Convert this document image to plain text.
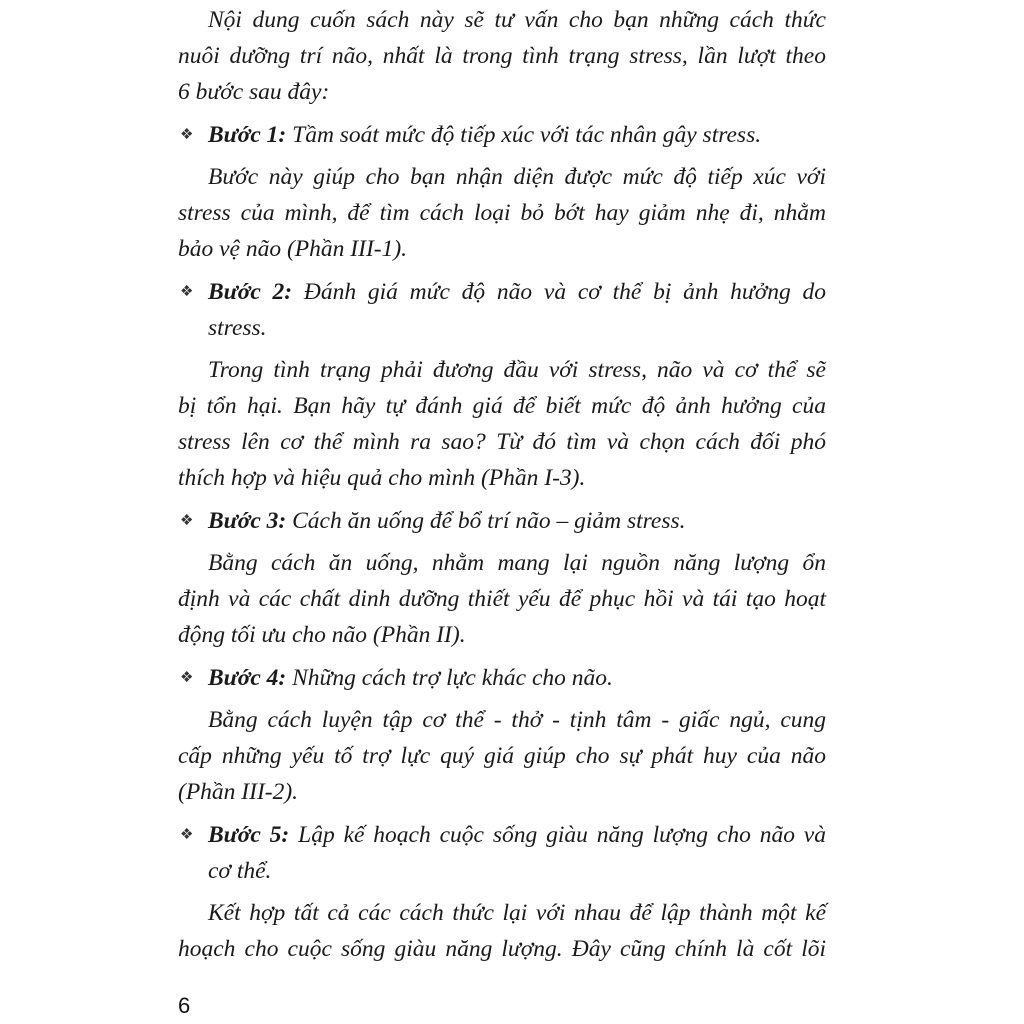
Nội dung cuốn sách này sẽ tư vấn cho bạn những cách thức
nuôi dưỡng trí não, nhất là trong tình trạng stress, lần lượt theo
6 bước sau đây:
❖ Bước 1: Tầm soát mức độ tiếp xúc với tác nhân gây stress.
Bước này giúp cho bạn nhận diện được mức độ tiếp xúc với
stress của mình, để tìm cách loại bỏ bớt hay giảm nhẹ đi, nhằm
bảo vệ não (Phần III-1).
❖ Bước 2: Đánh giá mức độ não và cơ thể bị ảnh hưởng do
stress.
Trong tình trạng phải đương đầu với stress, não và cơ thể sẽ
bị tổn hại. Bạn hãy tự đánh giá để biết mức độ ảnh hưởng của
stress lên cơ thể mình ra sao? Từ đó tìm và chọn cách đối phó
thích hợp và hiệu quả cho mình (Phần I-3).
❖ Bước 3: Cách ăn uống để bổ trí não – giảm stress.
Bằng cách ăn uống, nhằm mang lại nguồn năng lượng ổn
định và các chất dinh dưỡng thiết yếu để phục hồi và tái tạo hoạt
động tối ưu cho não (Phần II).
❖ Bước 4: Những cách trợ lực khác cho não.
Bằng cách luyện tập cơ thể - thở - tịnh tâm - giấc ngủ, cung
cấp những yếu tố trợ lực quý giá giúp cho sự phát huy của não
(Phần III-2).
❖ Bước 5: Lập kế hoạch cuộc sống giàu năng lượng cho não và
cơ thể.
Kết hợp tất cả các cách thức lại với nhau để lập thành một kế
hoạch cho cuộc sống giàu năng lượng. Đây cũng chính là cốt lõi
6
